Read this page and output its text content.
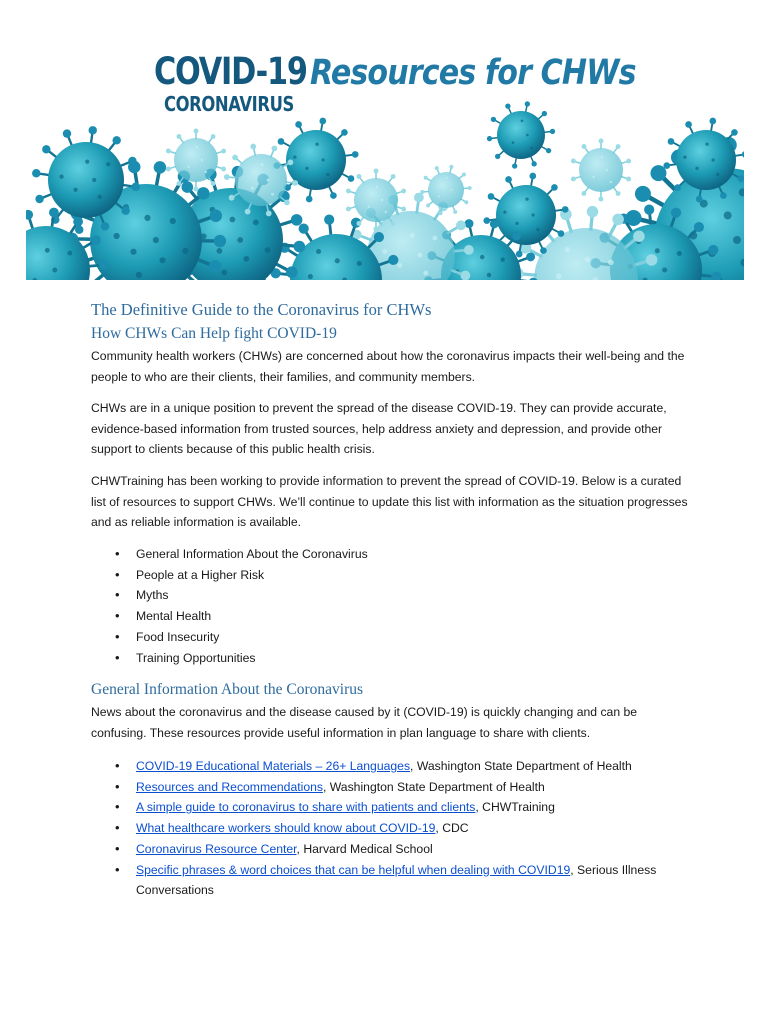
COVID-19
CORONAVIRUS
Resources for CHWs
The Definitive Guide to the Coronavirus for CHWs
How CHWs Can Help fight COVID-19

Community health workers (CHWs) are concerned about how the coronavirus impacts their well-being and the people to who are their clients, their families, and community members.

CHWs are in a unique position to prevent the spread of the disease COVID-19. They can provide accurate, evidence-based information from trusted sources, help address anxiety and depression, and provide other support to clients because of this public health crisis.

CHWTraining has been working to provide information to prevent the spread of COVID-19. Below is a curated list of resources to support CHWs. We’ll continue to update this list with information as the situation progresses and as reliable information is available.

• General Information About the Coronavirus
• People at a Higher Risk
• Myths
• Mental Health
• Food Insecurity
• Training Opportunities
General Information About the Coronavirus

News about the coronavirus and the disease caused by it (COVID-19) is quickly changing and can be confusing. These resources provide useful information in plan language to share with clients.

• COVID-19 Educational Materials – 26+ Languages, Washington State Department of Health
• Resources and Recommendations, Washington State Department of Health
• A simple guide to coronavirus to share with patients and clients, CHWTraining
• What healthcare workers should know about COVID-19, CDC
• Coronavirus Resource Center, Harvard Medical School
• Specific phrases & word choices that can be helpful when dealing with COVID19, Serious Illness Conversations
